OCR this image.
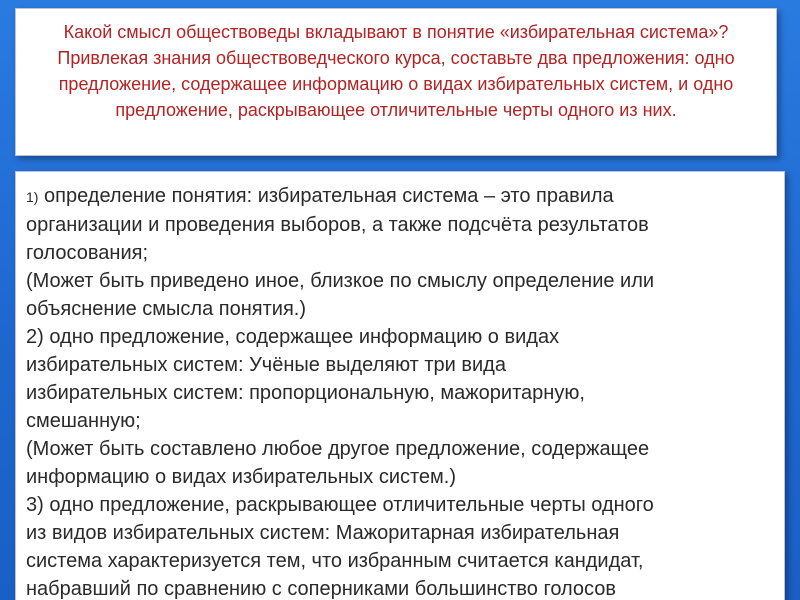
Какой смысл обществоведы вкладывают в понятие «избирательная система»? Привлекая знания обществоведческого курса, составьте два предложения: одно предложение, содержащее информацию о видах избирательных систем, и одно предложение, раскрывающее отличительные черты одного из них.

1) определение понятия: избирательная система – это правила

организации и проведения выборов, а также подсчёта результатов

голосования;

(Может быть приведено иное, близкое по смыслу определение или

объяснение смысла понятия.)

2) одно предложение, содержащее информацию о видах

избирательных систем: Учёные выделяют три вида

избирательных систем: пропорциональную, мажоритарную,

смешанную;

(Может быть составлено любое другое предложение, содержащее

информацию о видах избирательных систем.)

3) одно предложение, раскрывающее отличительные черты одного

из видов избирательных систем: Мажоритарная избирательная

система характеризуется тем, что избранным считается кандидат,

набравший по сравнению с соперниками большинство голосов
